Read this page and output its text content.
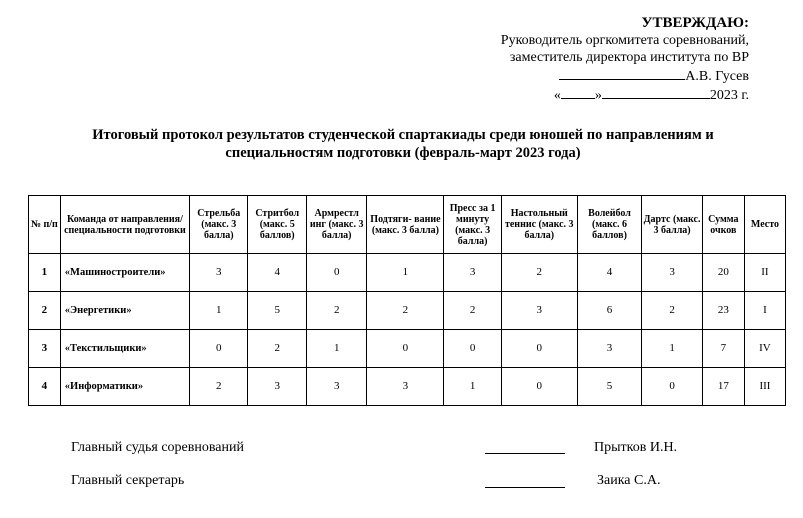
УТВЕРЖДАЮ:
Руководитель оргкомитета соревнований,
заместитель директора института по ВР
А.В. Гусев
« »	2023 г.
Итоговый протокол результатов студенческой спартакиады среди юношей по направлениям и
специальностям подготовки (февраль-март 2023 года)
№ п/п	Команда от направления/ специальности подготовки	Стрельба (макс. 3 балла)	Стритбол (макс. 5 баллов)	Армрестл инг (макс. 3 балла)	Подтяги- вание (макс. 3 балла)	Пресс за 1 минуту (макс. 3 балла)	Настольный теннис (макс. 3 балла)	Волейбол (макс. 6 баллов)	Дартс (макс. 3 балла)	Сумма очков	Место
1	«Машиностроители»	3	4	0	1	3	2	4	3	20	II
2	«Энергетики»	1	5	2	2	2	3	6	2	23	I
3	«Текстильщики»	0	2	1	0	0	0	3	1	7	IV
4	«Информатики»	2	3	3	3	1	0	5	0	17	III
Главный судья соревнований	Прытков И.Н.
Главный секретарь	Заика С.А.
